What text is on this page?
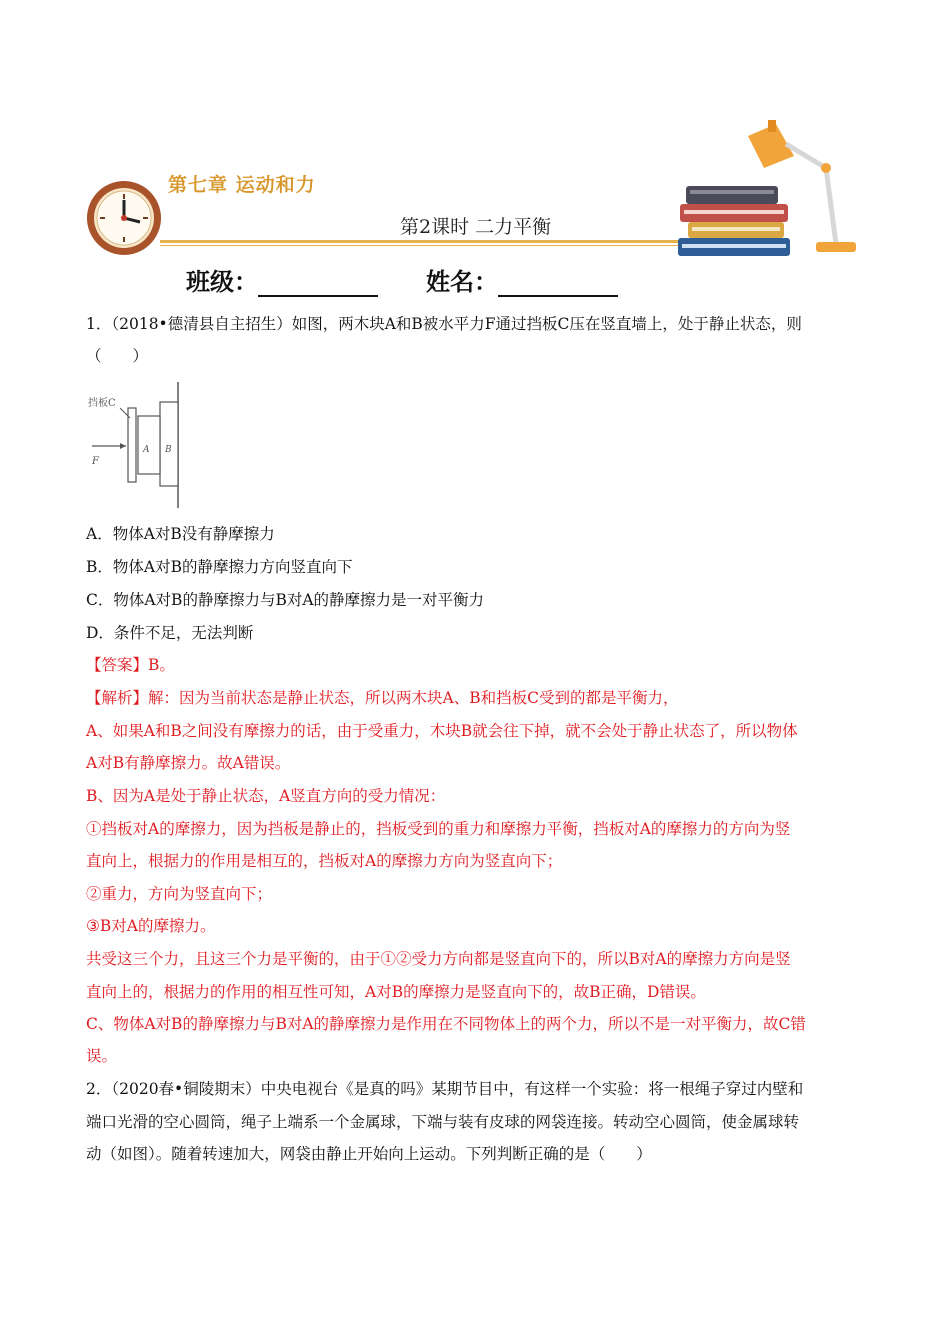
第七章 运动和力
第2课时 二力平衡
班级：	姓名：
1．（2018•德清县自主招生）如图，两木块A和B被水平力F通过挡板C压在竖直墙上，处于静止状态，则
（　　）
挡板C
A B
F
A．物体A对B没有静摩擦力
B．物体A对B的静摩擦力方向竖直向下
C．物体A对B的静摩擦力与B对A的静摩擦力是一对平衡力
D．条件不足，无法判断
【答案】B。
【解析】解：因为当前状态是静止状态，所以两木块A、B和挡板C受到的都是平衡力，
A、如果A和B之间没有摩擦力的话，由于受重力，木块B就会往下掉，就不会处于静止状态了，所以物体
A对B有静摩擦力。故A错误。
B、因为A是处于静止状态，A竖直方向的受力情况：
①挡板对A的摩擦力，因为挡板是静止的，挡板受到的重力和摩擦力平衡，挡板对A的摩擦力的方向为竖
直向上，根据力的作用是相互的，挡板对A的摩擦力方向为竖直向下；
②重力，方向为竖直向下；
③B对A的摩擦力。
共受这三个力，且这三个力是平衡的，由于①②受力方向都是竖直向下的，所以B对A的摩擦力方向是竖
直向上的，根据力的作用的相互性可知，A对B的摩擦力是竖直向下的，故B正确，D错误。
C、物体A对B的静摩擦力与B对A的静摩擦力是作用在不同物体上的两个力，所以不是一对平衡力，故C错
误。
2．（2020春•铜陵期末）中央电视台《是真的吗》某期节目中，有这样一个实验：将一根绳子穿过内壁和
端口光滑的空心圆筒，绳子上端系一个金属球，下端与装有皮球的网袋连接。转动空心圆筒，使金属球转
动（如图）。随着转速加大，网袋由静止开始向上运动。下列判断正确的是（　　）
